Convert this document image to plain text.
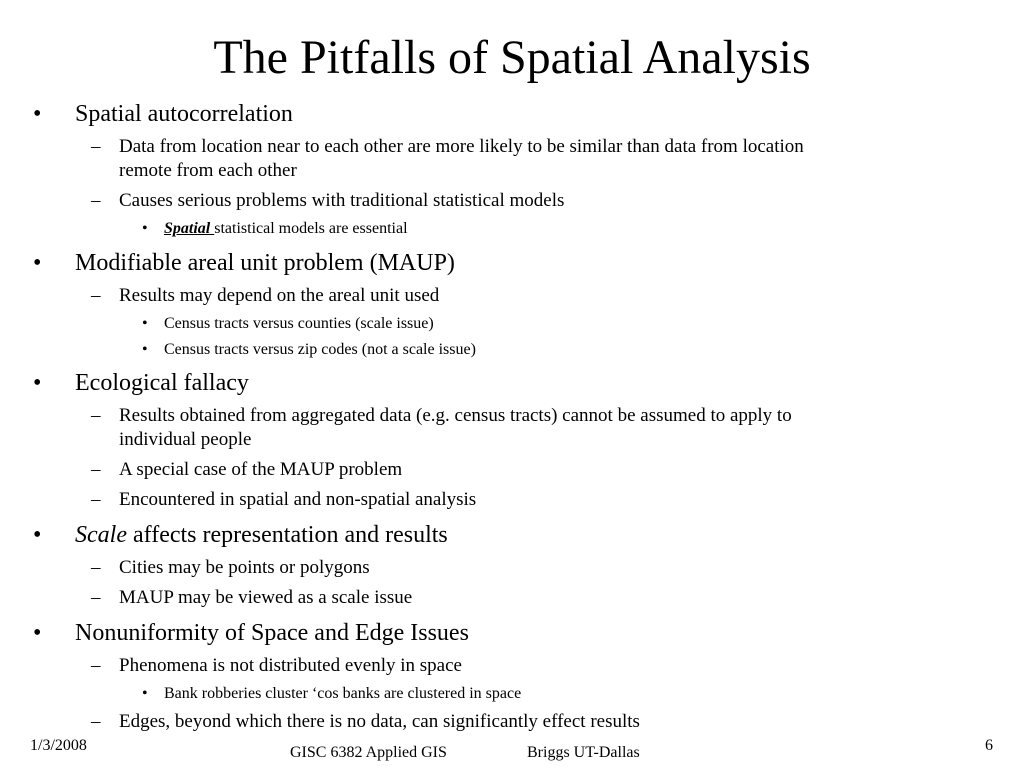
The Pitfalls of Spatial Analysis
• Spatial autocorrelation
– Data from location near to each other are more likely to be similar than data from location
remote from each other
– Causes serious problems with traditional statistical models
• Spatial statistical models are essential
• Modifiable areal unit problem (MAUP)
– Results may depend on the areal unit used
• Census tracts versus counties (scale issue)
• Census tracts versus zip codes (not a scale issue)
• Ecological fallacy
– Results obtained from aggregated data (e.g. census tracts) cannot be assumed to apply to
individual people
– A special case of the MAUP problem
– Encountered in spatial and non-spatial analysis
• Scale affects representation and results
– Cities may be points or polygons
– MAUP may be viewed as a scale issue
• Nonuniformity of Space and Edge Issues
– Phenomena is not distributed evenly in space
• Bank robberies cluster ‘cos banks are clustered in space
– Edges, beyond which there is no data, can significantly effect results
1/3/2008	GISC 6382 Applied GIS	Briggs UT-Dallas	6
